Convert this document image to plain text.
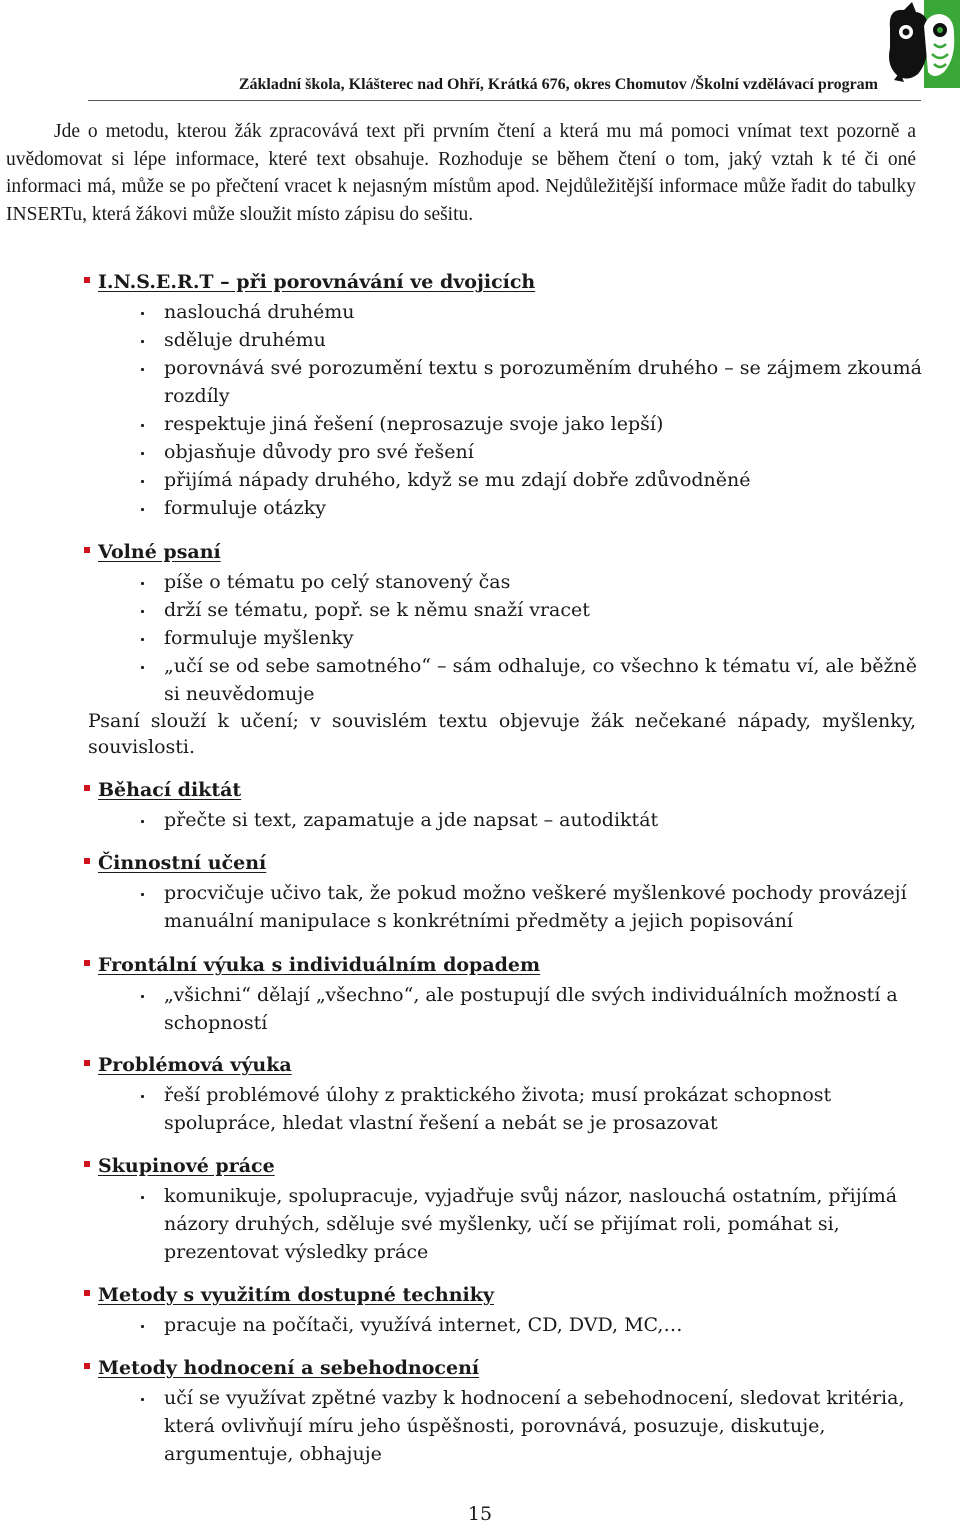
Základní škola, Klášterec nad Ohří, Krátká 676, okres Chomutov /Školní vzdělávací program

Jde o metodu, kterou žák zpracovává text při prvním čtení a která mu má pomoci vnímat text pozorně a uvědomovat si lépe informace, které text obsahuje. Rozhoduje se během čtení o tom, jaký vztah k té či oné informaci má, může se po přečtení vracet k nejasným místům apod. Nejdůležitější informace může řadit do tabulky INSERTu, která žákovi může sloužit místo zápisu do sešitu.

I.N.S.E.R.T – při porovnávání ve dvojicích
naslouchá druhému
sděluje druhému
porovnává své porozumění textu s porozuměním druhého – se zájmem zkoumá rozdíly
respektuje jiná řešení (neprosazuje svoje jako lepší)
objasňuje důvody pro své řešení
přijímá nápady druhého, když se mu zdají dobře zdůvodněné
formuluje otázky
Volné psaní
píše o tématu po celý stanovený čas
drží se tématu, popř. se k němu snaží vracet
formuluje myšlenky
„učí se od sebe samotného“ – sám odhaluje, co všechno k tématu ví, ale běžně si neuvědomuje
Psaní slouží k učení; v souvislém textu objevuje žák nečekané nápady, myšlenky, souvislosti.
Běhací diktát
přečte si text, zapamatuje a jde napsat – autodiktát
Činnostní učení
procvičuje učivo tak, že pokud možno veškeré myšlenkové pochody provázejí manuální manipulace s konkrétními předměty a jejich popisování
Frontální výuka s individuálním dopadem
„všichni“ dělají „všechno“, ale postupují dle svých individuálních možností a schopností
Problémová výuka
řeší problémové úlohy z praktického života; musí prokázat schopnost spolupráce, hledat vlastní řešení a nebát se je prosazovat
Skupinové práce
komunikuje, spolupracuje, vyjadřuje svůj názor, naslouchá ostatním, přijímá názory druhých, sděluje své myšlenky, učí se přijímat roli, pomáhat si, prezentovat výsledky práce
Metody s využitím dostupné techniky
pracuje na počítači, využívá internet, CD, DVD, MC,…
Metody hodnocení a sebehodnocení
učí se využívat zpětné vazby k hodnocení a sebehodnocení, sledovat kritéria, která ovlivňují míru jeho úspěšnosti, porovnává, posuzuje, diskutuje, argumentuje, obhajuje
15
